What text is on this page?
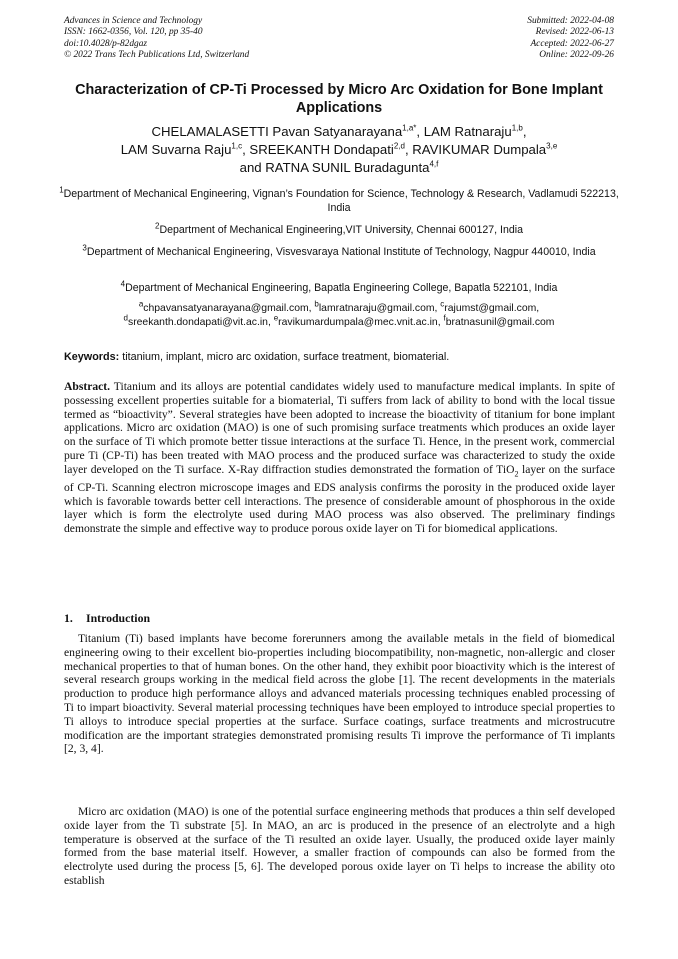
Advances in Science and Technology
ISSN: 1662-0356, Vol. 120, pp 35-40
doi:10.4028/p-82dgaz
© 2022 Trans Tech Publications Ltd, Switzerland
Submitted: 2022-04-08
Revised: 2022-06-13
Accepted: 2022-06-27
Online: 2022-09-26
Characterization of CP-Ti Processed by Micro Arc Oxidation for Bone Implant Applications
CHELAMALASETTI Pavan Satyanarayana$^{1,a*}$, LAM Ratnaraju$^{1,b}$,
LAM Suvarna Raju$^{1,c}$, SREEKANTH Dondapati$^{2,d}$, RAVIKUMAR Dumpala$^{3,e}$
and RATNA SUNIL Buradagunta$^{4,f}$
$^1$Department of Mechanical Engineering, Vignan’s Foundation for Science, Technology & Research, Vadlamudi 522213, India
$^2$Department of Mechanical Engineering,VIT University, Chennai 600127, India
$^3$Department of Mechanical Engineering, Visvesvaraya National Institute of Technology, Nagpur 440010, India
$^4$Department of Mechanical Engineering, Bapatla Engineering College, Bapatla 522101, India
$^a$chpavansatyanarayana@gmail.com, $^b$lamratnaraju@gmail.com, $^c$rajumst@gmail.com,
$^d$sreekanth.dondapati@vit.ac.in, $^e$ravikumardumpala@mec.vnit.ac.in, $^f$bratnasunil@gmail.com
Keywords: titanium, implant, micro arc oxidation, surface treatment, biomaterial.
Abstract. Titanium and its alloys are potential candidates widely used to manufacture medical implants. In spite of possessing excellent properties suitable for a biomaterial, Ti suffers from lack of ability to bond with the local tissue termed as “bioactivity”. Several strategies have been adopted to increase the bioactivity of titanium for bone implant applications. Micro arc oxidation (MAO) is one of such promising surface treatments which produces an oxide layer on the surface of Ti which promote better tissue interactions at the surface Ti. Hence, in the present work, commercial pure Ti (CP-Ti) has been treated with MAO process and the produced surface was characterized to study the oxide layer developed on the Ti surface. X-Ray diffraction studies demonstrated the formation of TiO$_2$ layer on the surface of CP-Ti. Scanning electron microscope images and EDS analysis confirms the porosity in the produced oxide layer which is favorable towards better cell interactions. The presence of considerable amount of phosphorous in the oxide layer which is form the electrolyte used during MAO process was also observed. The preliminary findings demonstrate the simple and effective way to produce porous oxide layer on Ti for biomedical applications.
1. Introduction
Titanium (Ti) based implants have become forerunners among the available metals in the field of biomedical engineering owing to their excellent bio-properties including biocompatibility, non-magnetic, non-allergic and closer mechanical properties to that of human bones. On the other hand, they exhibit poor bioactivity which is the interest of several research groups working in the medical field across the globe [1]. The recent developments in the materials production to produce high performance alloys and advanced materials processing techniques enabled processing of Ti to impart bioactivity. Several material processing techniques have been employed to introduce special properties to Ti alloys to introduce special properties at the surface. Surface coatings, surface treatments and microstrucutre modification are the important strategies demonstrated promising results Ti improve the performance of Ti implants [2, 3, 4].
Micro arc oxidation (MAO) is one of the potential surface engineering methods that produces a thin self developed oxide layer from the Ti substrate [5]. In MAO, an arc is produced in the presence of an electrolyte and a high temperature is observed at the surface of the Ti resulted an oxide layer. Usually, the produced oxide layer mainly formed from the base material itself. However, a smaller fraction of compounds can also be formed from the electrolyte used during the process [5, 6]. The developed porous oxide layer on Ti helps to increase the ability oto establish
